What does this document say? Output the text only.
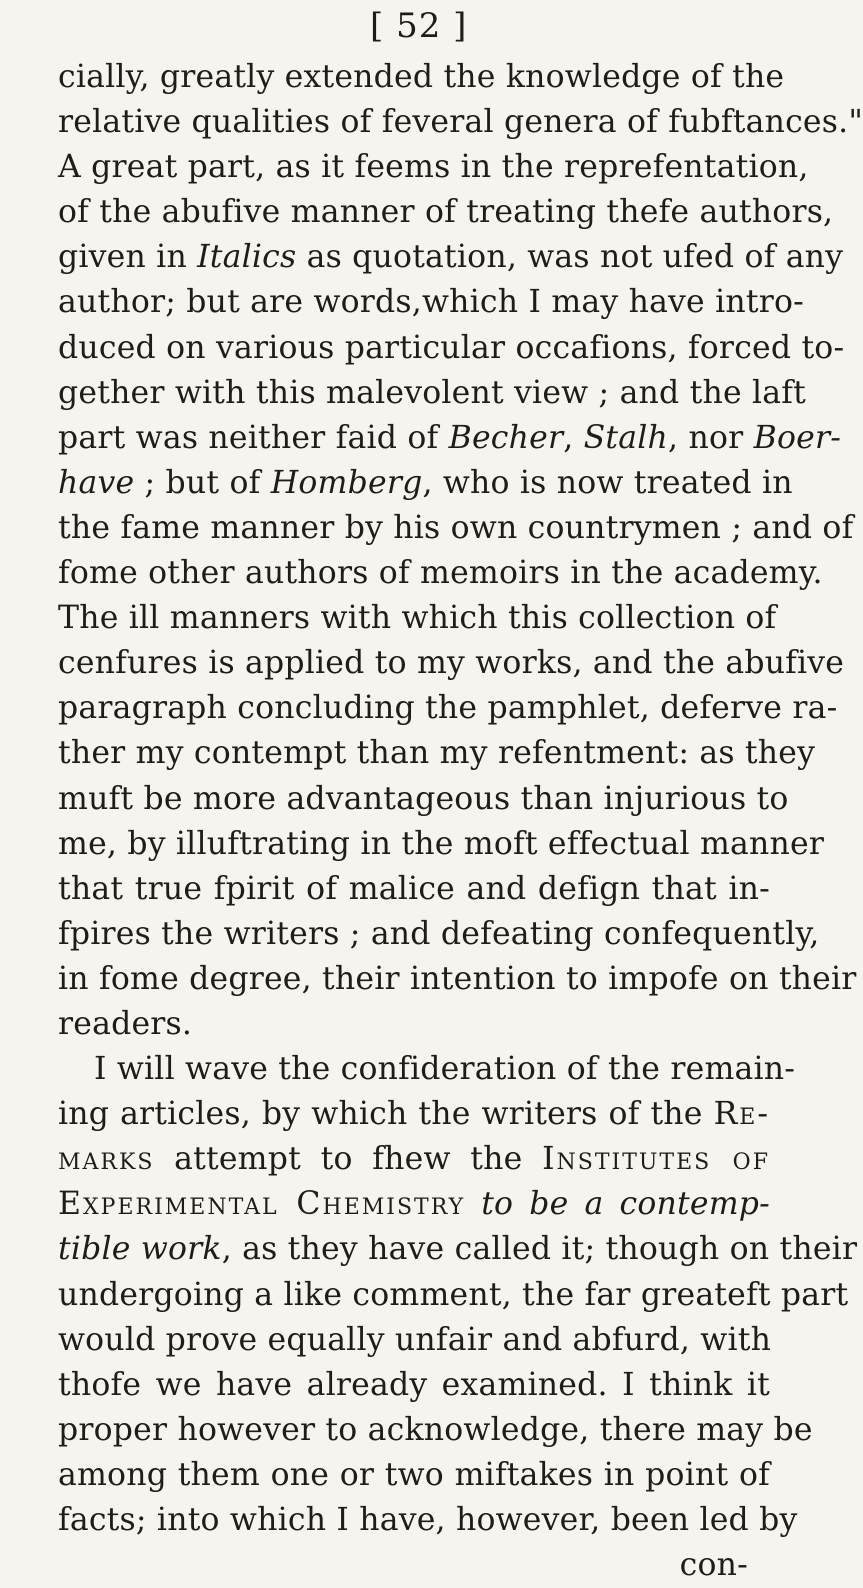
[ 52 ]
cially, greatly extended the knowledge of the
relative qualities of feveral genera of fubftances."
A great part, as it feems in the reprefentation,
of the abufive manner of treating thefe authors,
given in Italics as quotation, was not ufed of any
author; but are words,which I may have intro-
duced on various particular occafions, forced to-
gether with this malevolent view ; and the laft
part was neither faid of Becher, Stalh, nor Boer-
have ; but of Homberg, who is now treated in
the fame manner by his own countrymen ; and of
fome other authors of memoirs in the academy.
The ill manners with which this collection of
cenfures is applied to my works, and the abufive
paragraph concluding the pamphlet, deferve ra-
ther my contempt than my refentment: as they
muft be more advantageous than injurious to
me, by illuftrating in the moft effectual manner
that true fpirit of malice and defign that in-
fpires the writers ; and defeating confequently,
in fome degree, their intention to impofe on their
readers.
I will wave the confideration of the remain-
ing articles, by which the writers of the Re-
marks attempt to fhew the Institutes of
Experimental Chemistry to be a contemp-
tible work, as they have called it; though on their
undergoing a like comment, the far greateft part
would prove equally unfair and abfurd, with
thofe we have already examined. I think it
proper however to acknowledge, there may be
among them one or two miftakes in point of
facts; into which I have, however, been led by
con-
